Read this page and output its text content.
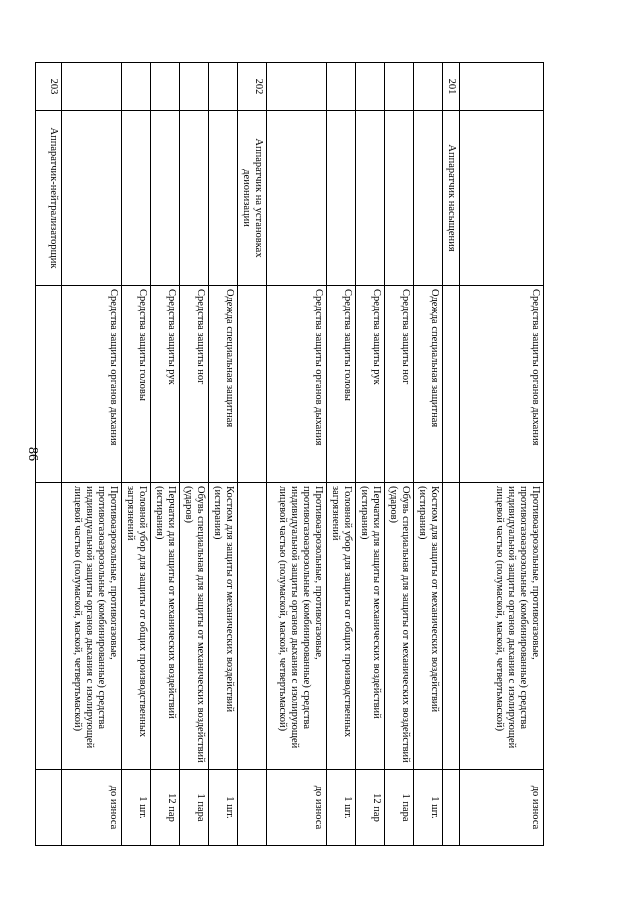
86
		Средства защиты органов дыхания	Противоаэрозольные, противогазовые, противогазоаэрозольные (комбинированные) средства индивидуальной защиты органов дыхания с изолирующей лицевой частью (полумаской, маской, четвертьмаской)	до износа
201	Аппаратчик насыщения			
		Одежда специальная защитная	Костюм для защиты от механических воздействий (истирания)	1 шт.
		Средства защиты ног	Обувь специальная для защиты от механических воздействий (ударов)	1 пара
		Средства защиты рук	Перчатки для защиты от механических воздействий (истирания)	12 пар
		Средства защиты головы	Головной убор для защиты от общих производственных загрязнений	1 шт.
		Средства защиты органов дыхания	Противоаэрозольные, противогазовые, противогазоаэрозольные (комбинированные) средства индивидуальной защиты органов дыхания с изолирующей лицевой частью (полумаской, маской, четвертьмаской)	до износа
202	Аппаратчик на установках деионизации			
		Одежда специальная защитная	Костюм для защиты от механических воздействий (истирания)	1 шт.
		Средства защиты ног	Обувь специальная для защиты от механических воздействий (ударов)	1 пара
		Средства защиты рук	Перчатки для защиты от механических воздействий (истирания)	12 пар
		Средства защиты головы	Головной убор для защиты от общих производственных загрязнений	1 шт.
		Средства защиты органов дыхания	Противоаэрозольные, противогазовые, противогазоаэрозольные (комбинированные) средства индивидуальной защиты органов дыхания с изолирующей лицевой частью (полумаской, маской, четвертьмаской)	до износа
203	Аппаратчик-нейтрализаторщик			
